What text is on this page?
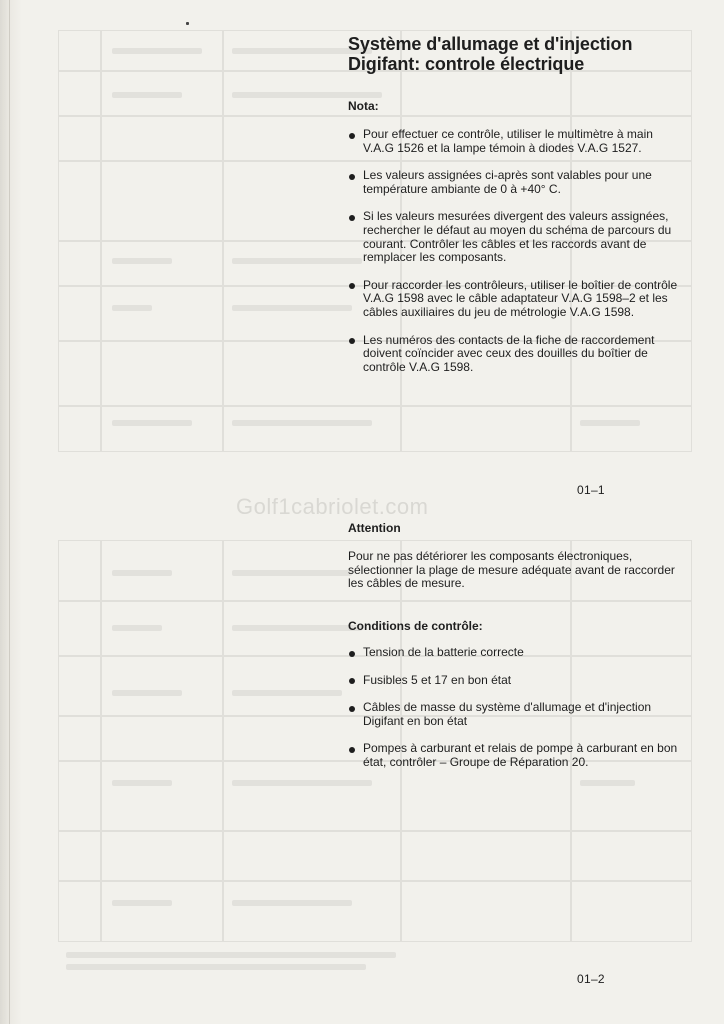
Golf1cabriolet.com
Système d'allumage et d'injection
Digifant: controle électrique
Nota:
Pour effectuer ce contrôle, utiliser le multimètre à main V.A.G 1526 et la lampe témoin à diodes V.A.G 1527.
Les valeurs assignées ci-après sont valables pour une température ambiante de 0 à +40° C.
Si les valeurs mesurées divergent des valeurs assignées, rechercher le défaut au moyen du schéma de parcours du courant. Contrôler les câbles et les raccords avant de remplacer les composants.
Pour raccorder les contrôleurs, utiliser le boîtier de contrôle V.A.G 1598 avec le câble adaptateur V.A.G 1598–2 et les câbles auxiliaires du jeu de métrologie V.A.G 1598.
Les numéros des contacts de la fiche de raccordement doivent coïncider avec ceux des douilles du boîtier de contrôle V.A.G 1598.
01–1
Attention
Pour ne pas détériorer les composants électroniques, sélectionner la plage de mesure adéquate avant de raccorder les câbles de mesure.
Conditions de contrôle:
Tension de la batterie correcte
Fusibles 5 et 17 en bon état
Câbles de masse du système d'allumage et d'injection Digifant en bon état
Pompes à carburant et relais de pompe à carburant en bon état, contrôler – Groupe de Réparation 20.
01–2
